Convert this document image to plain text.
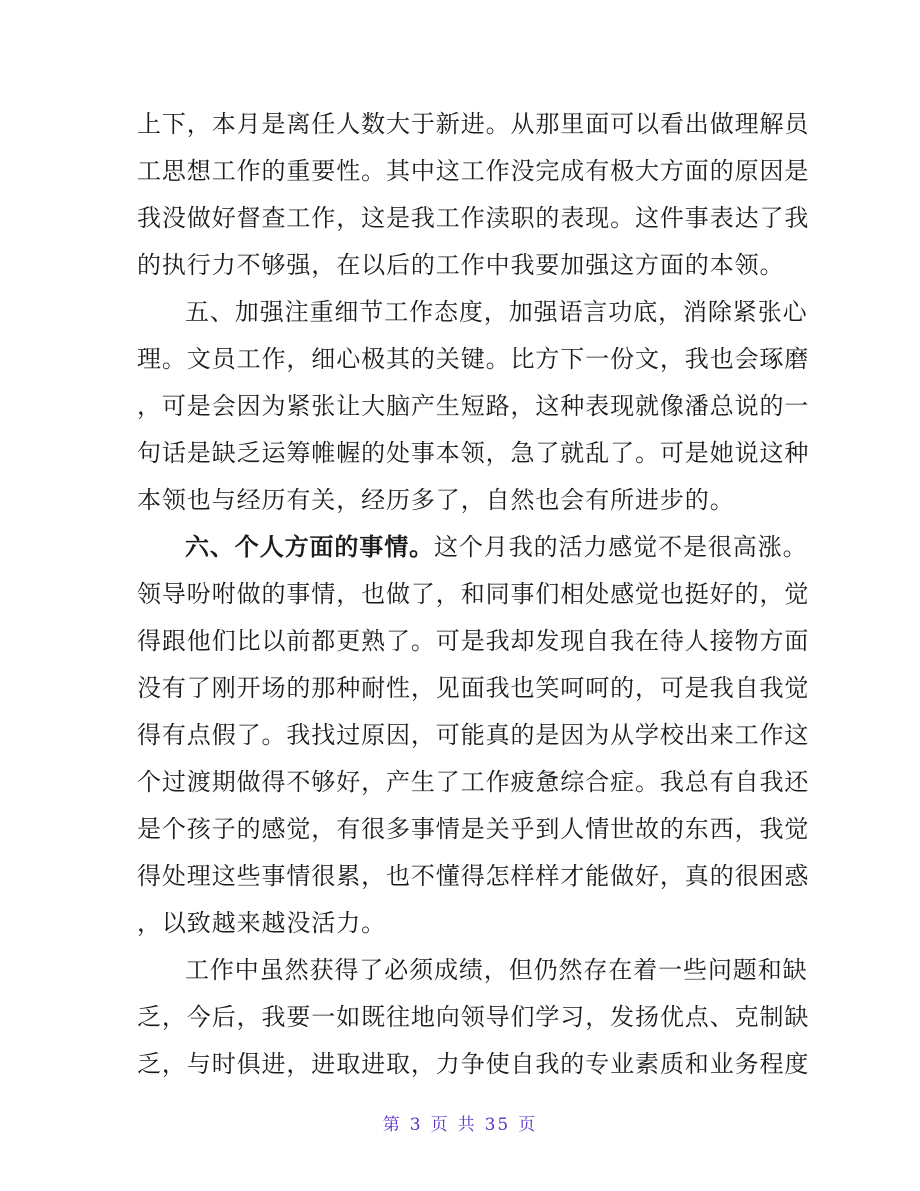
上下，本月是离任人数大于新进。从那里面可以看出做理解员
工思想工作的重要性。其中这工作没完成有极大方面的原因是
我没做好督查工作，这是我工作渎职的表现。这件事表达了我
的执行力不够强，在以后的工作中我要加强这方面的本领。
五、加强注重细节工作态度，加强语言功底，消除紧张心
理。文员工作，细心极其的关键。比方下一份文，我也会琢磨
，可是会因为紧张让大脑产生短路，这种表现就像潘总说的一
句话是缺乏运筹帷幄的处事本领，急了就乱了。可是她说这种
本领也与经历有关，经历多了，自然也会有所进步的。
六、个人方面的事情。这个月我的活力感觉不是很高涨。
领导吩咐做的事情，也做了，和同事们相处感觉也挺好的，觉
得跟他们比以前都更熟了。可是我却发现自我在待人接物方面
没有了刚开场的那种耐性，见面我也笑呵呵的，可是我自我觉
得有点假了。我找过原因，可能真的是因为从学校出来工作这
个过渡期做得不够好，产生了工作疲惫综合症。我总有自我还
是个孩子的感觉，有很多事情是关乎到人情世故的东西，我觉
得处理这些事情很累，也不懂得怎样样才能做好，真的很困惑
，以致越来越没活力。
工作中虽然获得了必须成绩，但仍然存在着一些问题和缺
乏，今后，我要一如既往地向领导们学习，发扬优点、克制缺
乏，与时俱进，进取进取，力争使自我的专业素质和业务程度
第 3 页 共 35 页
